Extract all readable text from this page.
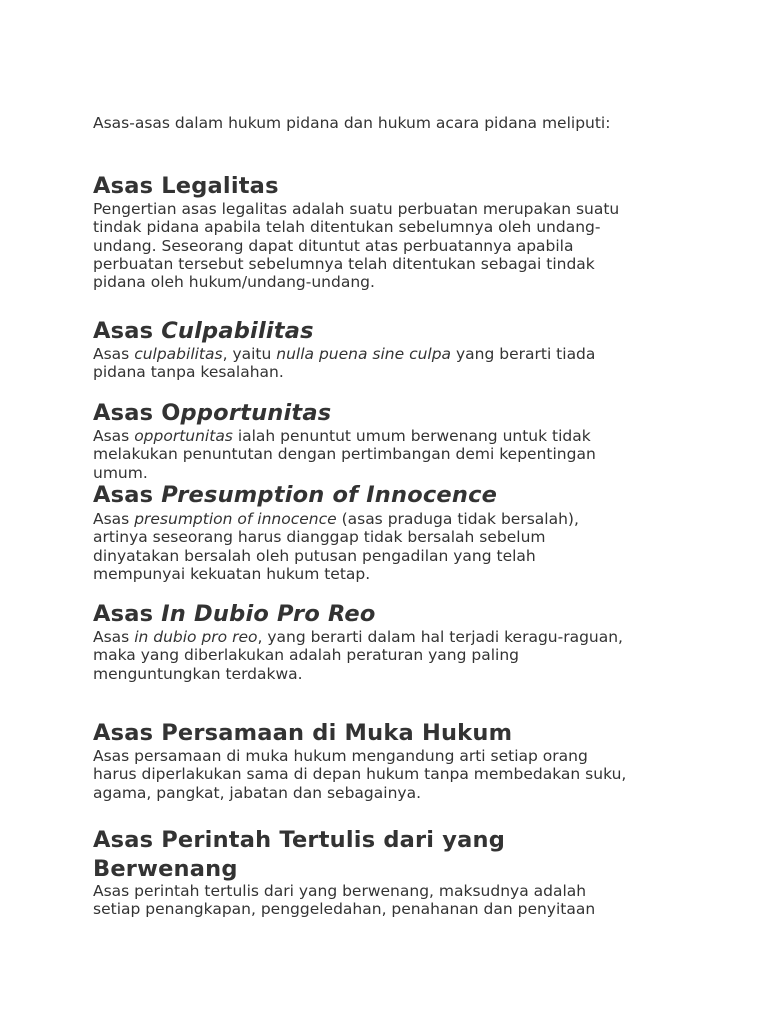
Asas-asas dalam hukum pidana dan hukum acara pidana meliputi:
Asas Legalitas
Pengertian asas legalitas adalah suatu perbuatan merupakan suatu
tindak pidana apabila telah ditentukan sebelumnya oleh undang-
undang. Seseorang dapat dituntut atas perbuatannya apabila
perbuatan tersebut sebelumnya telah ditentukan sebagai tindak
pidana oleh hukum/undang-undang.
Asas Culpabilitas
Asas culpabilitas, yaitu nulla puena sine culpa yang berarti tiada
pidana tanpa kesalahan.
Asas Opportunitas
Asas opportunitas ialah penuntut umum berwenang untuk tidak
melakukan penuntutan dengan pertimbangan demi kepentingan
umum.
Asas Presumption of Innocence
Asas presumption of innocence (asas praduga tidak bersalah),
artinya seseorang harus dianggap tidak bersalah sebelum
dinyatakan bersalah oleh putusan pengadilan yang telah
mempunyai kekuatan hukum tetap.
Asas In Dubio Pro Reo
Asas in dubio pro reo, yang berarti dalam hal terjadi keragu-raguan,
maka yang diberlakukan adalah peraturan yang paling
menguntungkan terdakwa.
Asas Persamaan di Muka Hukum
Asas persamaan di muka hukum mengandung arti setiap orang
harus diperlakukan sama di depan hukum tanpa membedakan suku,
agama, pangkat, jabatan dan sebagainya.
Asas Perintah Tertulis dari yang
Berwenang
Asas perintah tertulis dari yang berwenang, maksudnya adalah
setiap penangkapan, penggeledahan, penahanan dan penyitaan
